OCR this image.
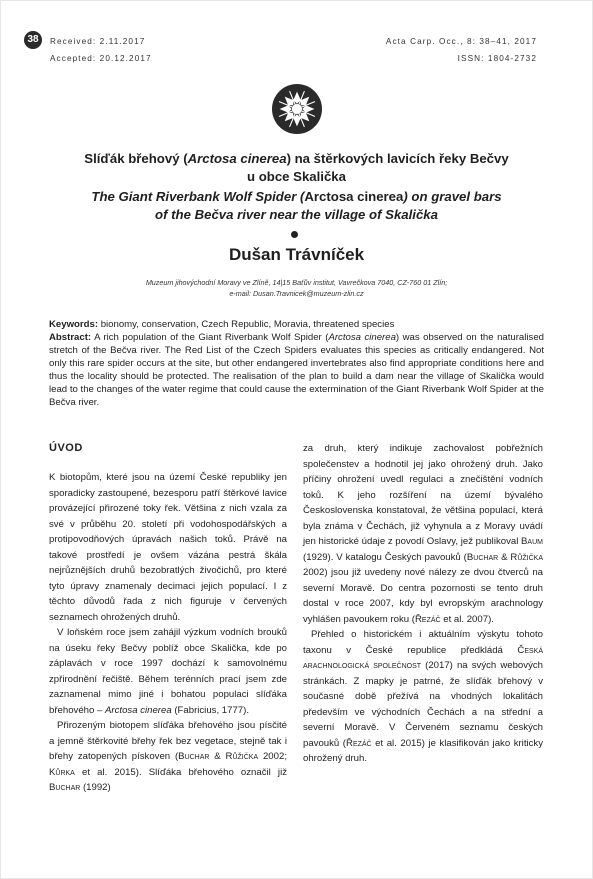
38	Received: 2.11.2017
Accepted: 20.12.2017
Acta Carp. Occ., 8: 38–41, 2017
ISSN: 1804-2732

Slíďák břehový (Arctosa cinerea) na štěrkových lavicích řeky Bečvy
u obce Skalička

The Giant Riverbank Wolf Spider (Arctosa cinerea) on gravel bars
of the Bečva river near the village of Skalička

Dušan Trávníček
Muzeum jihovýchodní Moravy ve Zlíně, 14|15 Baťův institut, Vavrečkova 7040, CZ-760 01 Zlín;
e-mail: Dusan.Travnicek@muzeum-zlin.cz

Keywords: bionomy, conservation, Czech Republic, Moravia, threatened species

Abstract: A rich population of the Giant Riverbank Wolf Spider (Arctosa cinerea) was observed on the naturalised stretch of the Bečva river. The Red List of the Czech Spiders evaluates this species as critically endangered. Not only this rare spider occurs at the site, but other endangered invertebrates also find appropriate conditions here and thus the locality should be protected. The realisation of the plan to build a dam near the village of Skalička would lead to the changes of the water regime that could cause the extermination of the Giant Riverbank Wolf Spider at the Bečva river.

ÚVOD

K biotopům, které jsou na území České republiky jen sporadicky zastoupené, bezesporu patří štěrkové lavice provázející přirozené toky řek. Většina z nich vzala za své v průběhu 20. století při vodohospodářských a protipovodňových úpravách našich toků. Právě na takové prostředí je ovšem vázána pestrá škála nejrůznějších druhů bezobratlých živočichů, pro které tyto úpravy znamenaly decimaci jejich populací. I z těchto důvodů řada z nich figuruje v červených seznamech ohrožených druhů.

V loňském roce jsem zahájil výzkum vodních brouků na úseku řeky Bečvy poblíž obce Skalička, kde po záplavách v roce 1997 dochází k samovolnému zpřirodnění řečiště. Během terénních prací jsem zde zaznamenal mimo jiné i bohatou populaci slíďáka břehového – Arctosa cinerea (Fabricius, 1777).

Přirozeným biotopem slíďáka břehového jsou písčité a jemně štěrkovité břehy řek bez vegetace, stejně tak i břehy zatopených pískoven (Buchar & Růžička 2002; Kůrka et al. 2015). Slíďáka břehového označil již Buchar (1992)

za druh, který indikuje zachovalost pobřežních společenstev a hodnotil jej jako ohrožený druh. Jako příčiny ohrožení uvedl regulaci a znečištění vodních toků. K jeho rozšíření na území bývalého Československa konstatoval, že většina populací, která byla známa v Čechách, již vyhynula a z Moravy uvádí jen historické údaje z povodí Oslavy, jež publikoval Baum (1929). V katalogu Českých pavouků (Buchar & Růžička 2002) jsou již uvedeny nové nálezy ze dvou čtverců na severní Moravě. Do centra pozornosti se tento druh dostal v roce 2007, kdy byl evropským arachnology vyhlášen pavoukem roku (Řezáč et al. 2007).

Přehled o historickém i aktuálním výskytu tohoto taxonu v České republice předkládá Česká arachnologická společnost (2017) na svých webových stránkách. Z mapky je patrné, že slíďák břehový v současné době přežívá na vhodných lokalitách především ve východních Čechách a na střední a severní Moravě. V Červeném seznamu českých pavouků (Řezáč et al. 2015) je klasifikován jako kriticky ohrožený druh.
